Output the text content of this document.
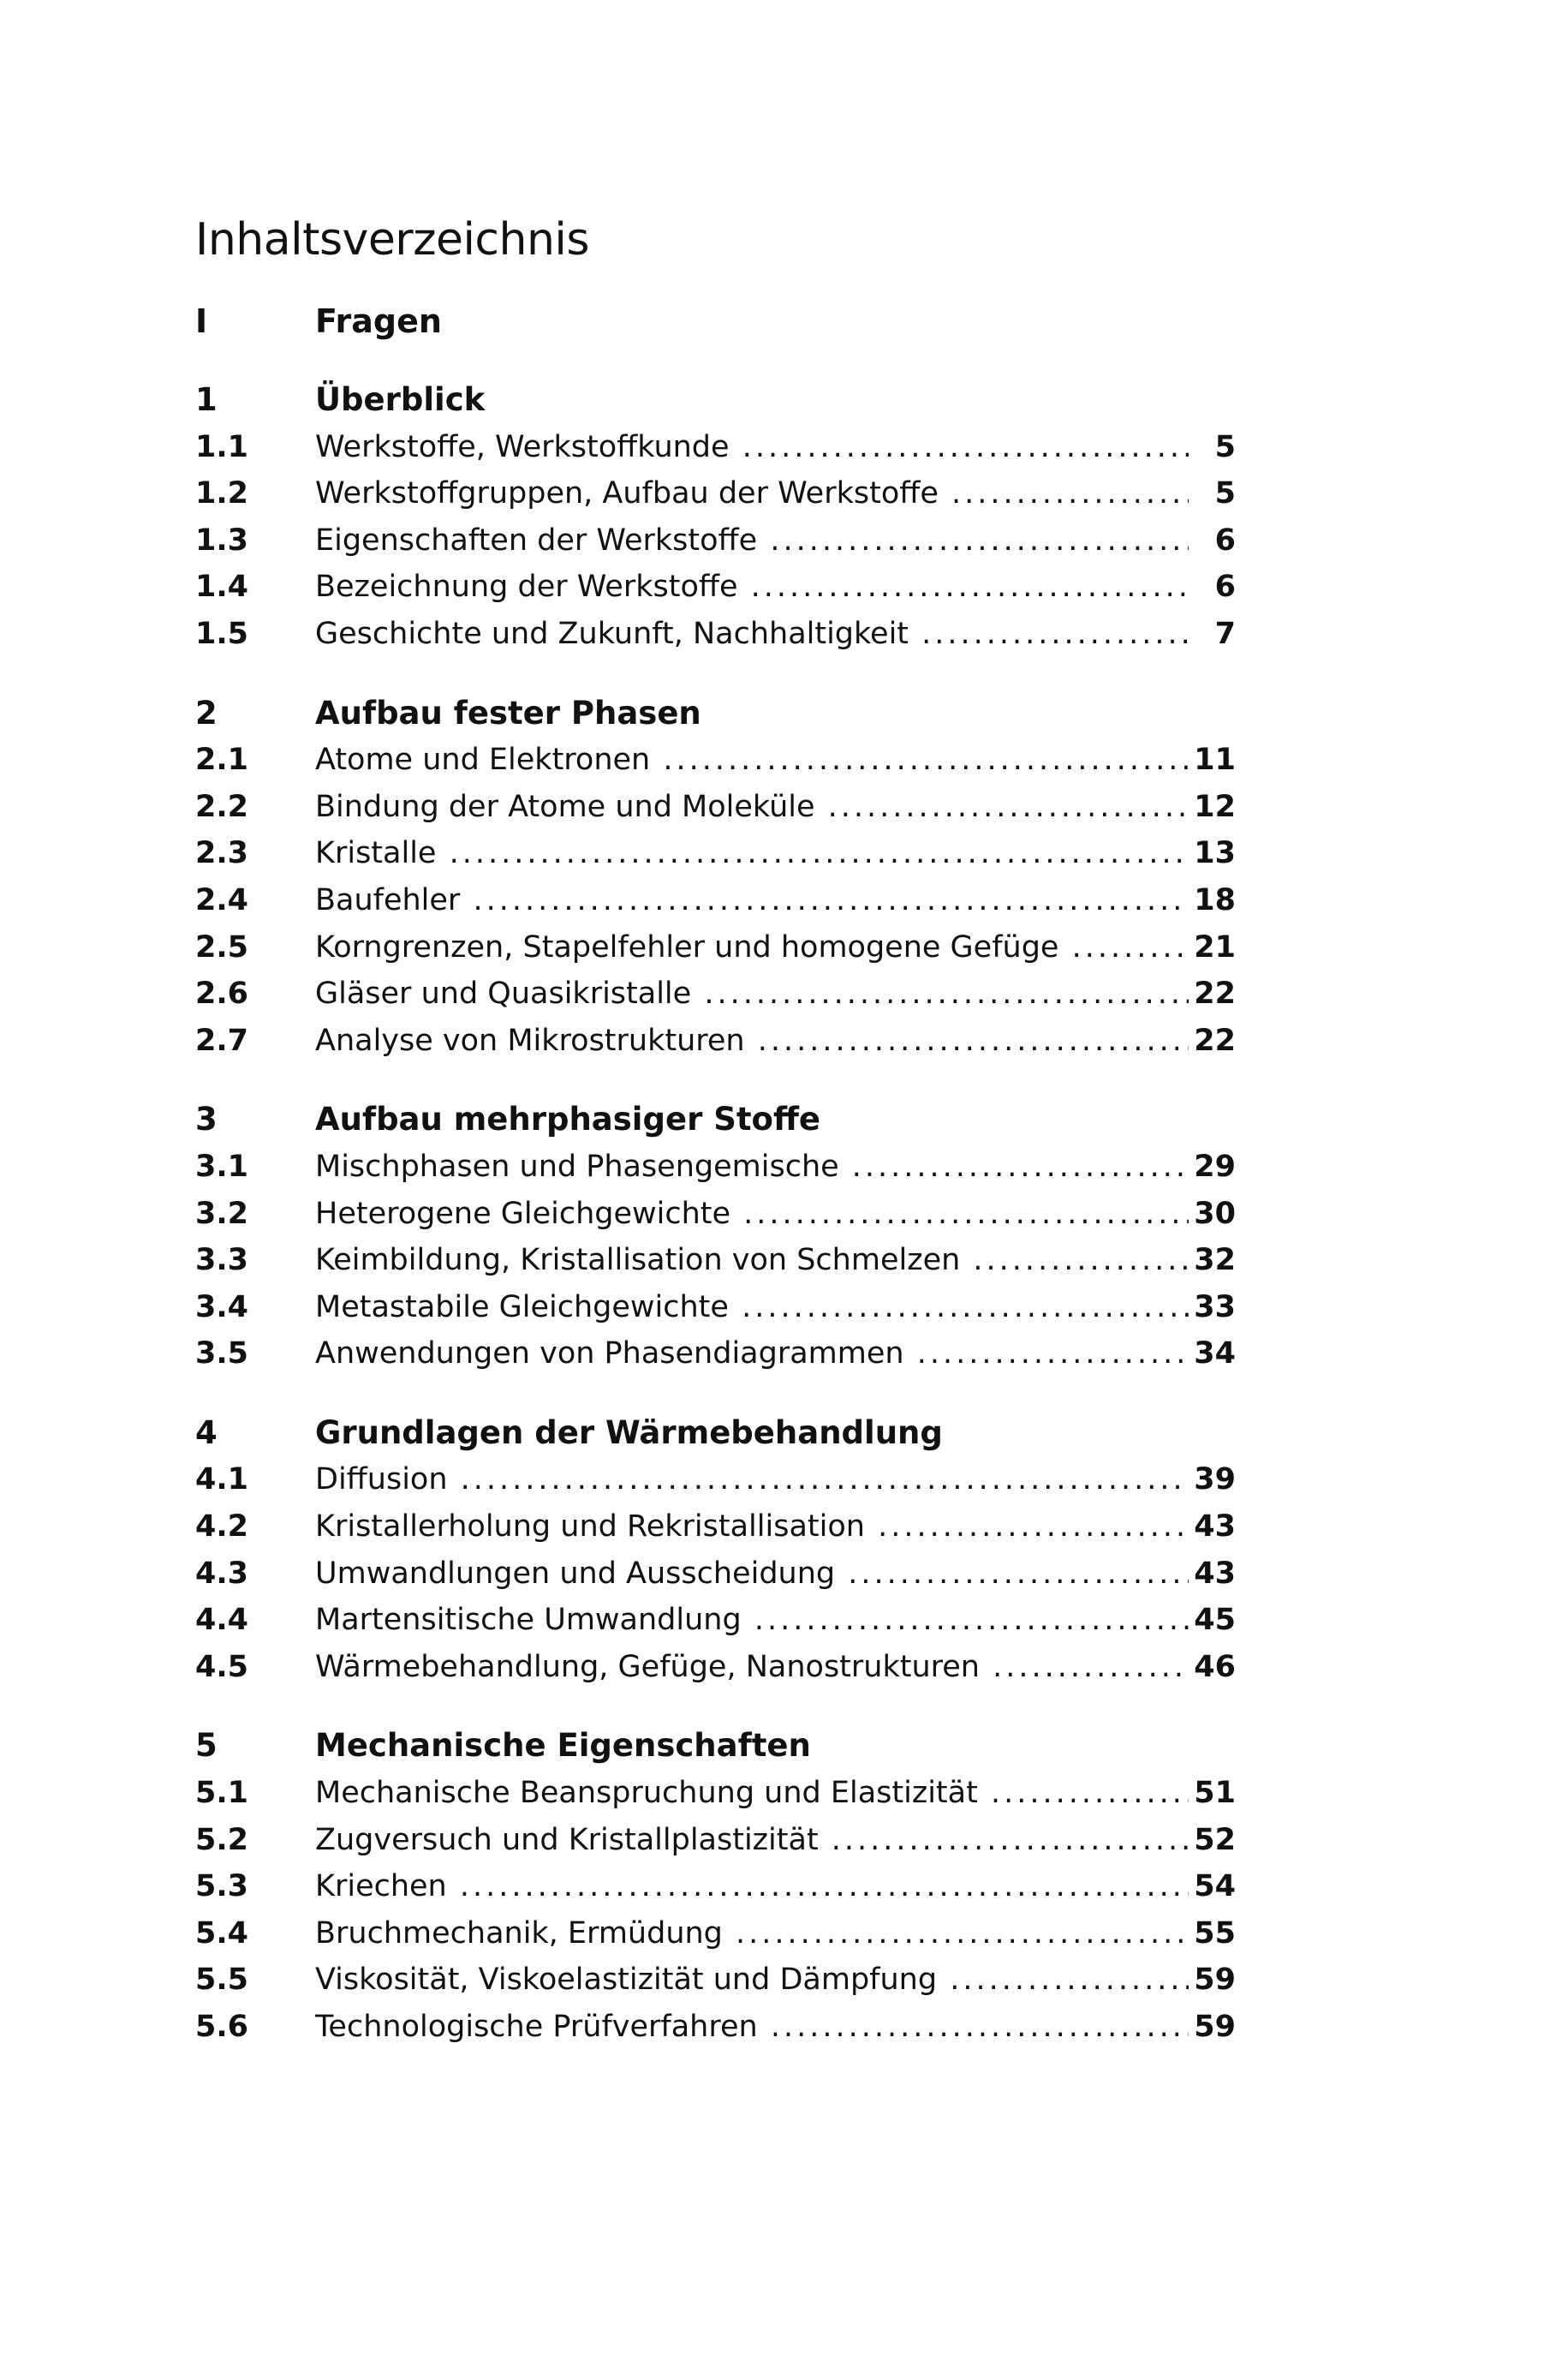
Inhaltsverzeichnis
I	Fragen
1	Überblick
1.1 Werkstoffe, Werkstoffkunde .....	5
1.2 Werkstoffgruppen, Aufbau der Werkstoffe .....	5
1.3 Eigenschaften der Werkstoffe .....	6
1.4 Bezeichnung der Werkstoffe .....	6
1.5 Geschichte und Zukunft, Nachhaltigkeit .....	7
2	Aufbau fester Phasen
2.1 Atome und Elektronen .....	11
2.2 Bindung der Atome und Moleküle .....	12
2.3 Kristalle .....	13
2.4 Baufehler .....	18
2.5 Korngrenzen, Stapelfehler und homogene Gefüge .....	21
2.6 Gläser und Quasikristalle .....	22
2.7 Analyse von Mikrostrukturen .....	22
3	Aufbau mehrphasiger Stoffe
3.1 Mischphasen und Phasengemische .....	29
3.2 Heterogene Gleichgewichte .....	30
3.3 Keimbildung, Kristallisation von Schmelzen .....	32
3.4 Metastabile Gleichgewichte .....	33
3.5 Anwendungen von Phasendiagrammen .....	34
4	Grundlagen der Wärmebehandlung
4.1 Diffusion .....	39
4.2 Kristallerholung und Rekristallisation .....	43
4.3 Umwandlungen und Ausscheidung .....	43
4.4 Martensitische Umwandlung .....	45
4.5 Wärmebehandlung, Gefüge, Nanostrukturen .....	46
5	Mechanische Eigenschaften
5.1 Mechanische Beanspruchung und Elastizität .....	51
5.2 Zugversuch und Kristallplastizität .....	52
5.3 Kriechen .....	54
5.4 Bruchmechanik, Ermüdung .....	55
5.5 Viskosität, Viskoelastizität und Dämpfung .....	59
5.6 Technologische Prüfverfahren .....	59
